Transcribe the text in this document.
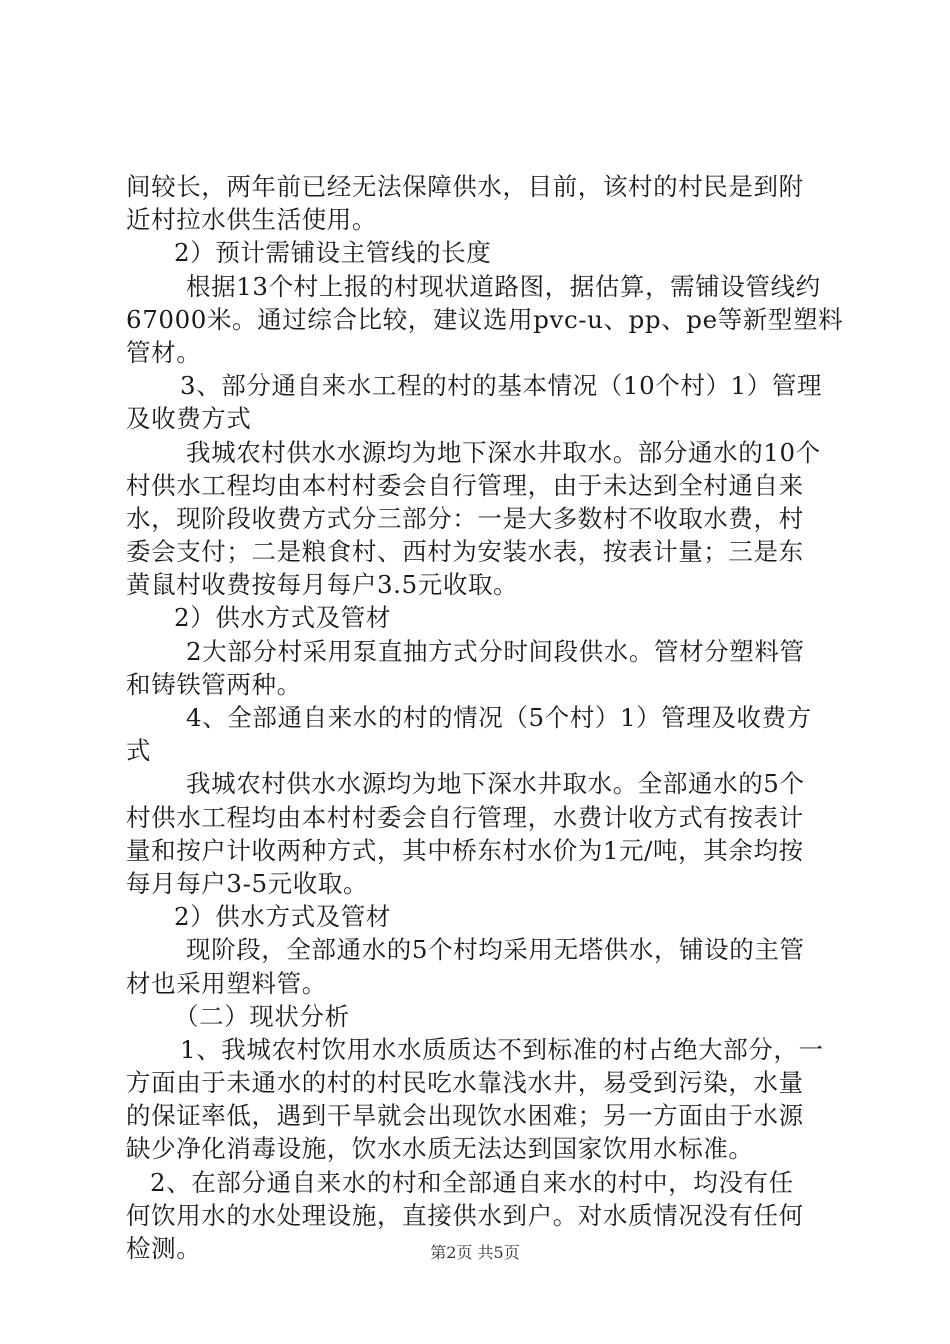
间较长，两年前已经无法保障供水，目前，该村的村民是到附
近村拉水供生活使用。
2）预计需铺设主管线的长度
根据13个村上报的村现状道路图，据估算，需铺设管线约
67000米。通过综合比较，建议选用pvc-u、pp、pe等新型塑料
管材。
3、部分通自来水工程的村的基本情况（10个村）1）管理
及收费方式
我城农村供水水源均为地下深水井取水。部分通水的10个
村供水工程均由本村村委会自行管理，由于未达到全村通自来
水，现阶段收费方式分三部分：一是大多数村不收取水费，村
委会支付；二是粮食村、西村为安装水表，按表计量；三是东
黄鼠村收费按每月每户3.5元收取。
2）供水方式及管材
2大部分村采用泵直抽方式分时间段供水。管材分塑料管
和铸铁管两种。
4、全部通自来水的村的情况（5个村）1）管理及收费方
式
我城农村供水水源均为地下深水井取水。全部通水的5个
村供水工程均由本村村委会自行管理，水费计收方式有按表计
量和按户计收两种方式，其中桥东村水价为1元/吨，其余均按
每月每户3-5元收取。
2）供水方式及管材
现阶段，全部通水的5个村均采用无塔供水，铺设的主管
材也采用塑料管。
（二）现状分析
1、我城农村饮用水水质质达不到标准的村占绝大部分，一
方面由于未通水的村的村民吃水靠浅水井，易受到污染，水量
的保证率低，遇到干旱就会出现饮水困难；另一方面由于水源
缺少净化消毒设施，饮水水质无法达到国家饮用水标准。
2、在部分通自来水的村和全部通自来水的村中，均没有任
何饮用水的水处理设施，直接供水到户。对水质情况没有任何
检测。	第2页 共5页
